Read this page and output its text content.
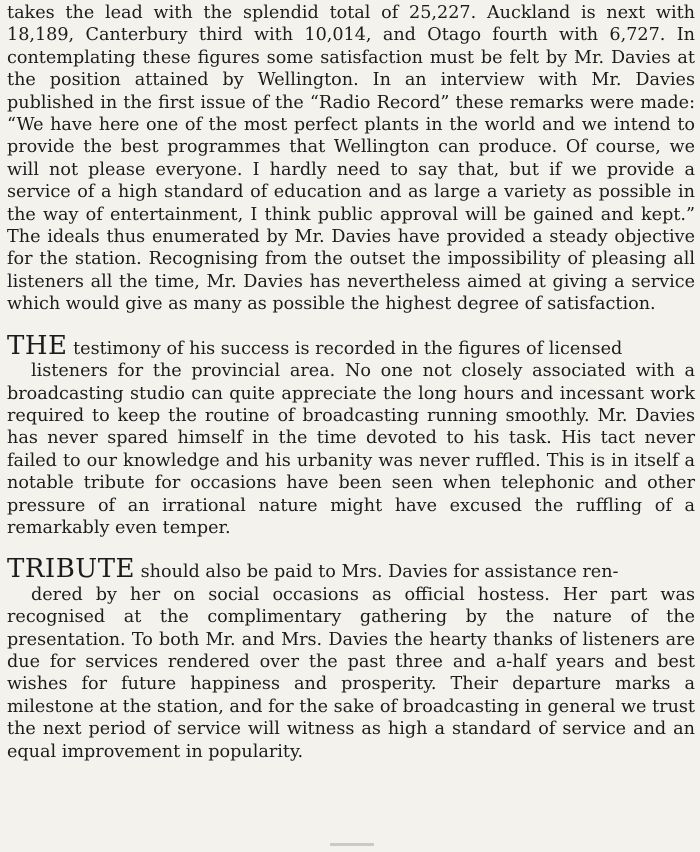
takes the lead with the splendid total of 25,227. Auckland is next with 18,189, Canterbury third with 10,014, and Otago fourth with 6,727. In contemplating these figures some satisfaction must be felt by Mr. Davies at the position attained by Wellington. In an interview with Mr. Davies published in the first issue of the “Radio Record” these remarks were made: “We have here one of the most perfect plants in the world and we intend to provide the best programmes that Wellington can produce. Of course, we will not please everyone. I hardly need to say that, but if we provide a service of a high standard of education and as large a variety as possible in the way of entertainment, I think public approval will be gained and kept.” The ideals thus enumerated by Mr. Davies have provided a steady objective for the station. Recognising from the outset the impossibility of pleasing all listeners all the time, Mr. Davies has nevertheless aimed at giving a service which would give as many as possible the highest degree of satisfaction.

THE testimony of his success is recorded in the figures of licensed
listeners for the provincial area. No one not closely associated with a broadcasting studio can quite appreciate the long hours and incessant work required to keep the routine of broadcasting running smoothly. Mr. Davies has never spared himself in the time devoted to his task. His tact never failed to our knowledge and his urbanity was never ruffled. This is in itself a notable tribute for occasions have been seen when telephonic and other pressure of an irrational nature might have excused the ruffling of a remarkably even temper.

TRIBUTE should also be paid to Mrs. Davies for assistance ren-
dered by her on social occasions as official hostess. Her part was recognised at the complimentary gathering by the nature of the presentation. To both Mr. and Mrs. Davies the hearty thanks of listeners are due for services rendered over the past three and a-half years and best wishes for future happiness and prosperity. Their departure marks a milestone at the station, and for the sake of broadcasting in general we trust the next period of service will witness as high a standard of service and an equal improvement in popularity.
